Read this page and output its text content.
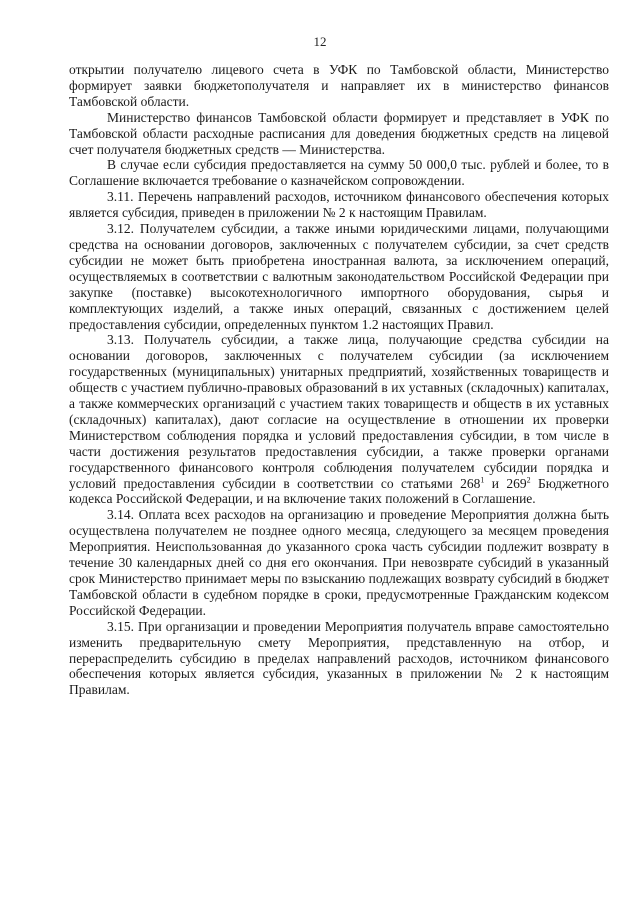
12

открытии получателю лицевого счета в УФК по Тамбовской области, Министерство формирует заявки бюджетополучателя и направляет их в министерство финансов Тамбовской области.

Министерство финансов Тамбовской области формирует и представляет в УФК по Тамбовской области расходные расписания для доведения бюджетных средств на лицевой счет получателя бюджетных средств — Министерства.

В случае если субсидия предоставляется на сумму 50 000,0 тыс. рублей и более, то в Соглашение включается требование о казначейском сопровождении.

3.11. Перечень направлений расходов, источником финансового обеспечения которых является субсидия, приведен в приложении № 2 к настоящим Правилам.

3.12. Получателем субсидии, а также иными юридическими лицами, получающими средства на основании договоров, заключенных с получателем субсидии, за счет средств субсидии не может быть приобретена иностранная валюта, за исключением операций, осуществляемых в соответствии с валютным законодательством Российской Федерации при закупке (поставке) высокотехнологичного импортного оборудования, сырья и комплектующих изделий, а также иных операций, связанных с достижением целей предоставления субсидии, определенных пунктом 1.2 настоящих Правил.

3.13. Получатель субсидии, а также лица, получающие средства субсидии на основании договоров, заключенных с получателем субсидии (за исключением государственных (муниципальных) унитарных предприятий, хозяйственных товариществ и обществ с участием публично-правовых образований в их уставных (складочных) капиталах, а также коммерческих организаций с участием таких товариществ и обществ в их уставных (складочных) капиталах), дают согласие на осуществление в отношении их проверки Министерством соблюдения порядка и условий предоставления субсидии, в том числе в части достижения результатов предоставления субсидии, а также проверки органами государственного финансового контроля соблюдения получателем субсидии порядка и условий предоставления субсидии в соответствии со статьями $268^1$ и $269^2$ Бюджетного кодекса Российской Федерации, и на включение таких положений в Соглашение.

3.14. Оплата всех расходов на организацию и проведение Мероприятия должна быть осуществлена получателем не позднее одного месяца, следующего за месяцем проведения Мероприятия. Неиспользованная до указанного срока часть субсидии подлежит возврату в течение 30 календарных дней со дня его окончания. При невозврате субсидий в указанный срок Министерство принимает меры по взысканию подлежащих возврату субсидий в бюджет Тамбовской области в судебном порядке в сроки, предусмотренные Гражданским кодексом Российской Федерации.

3.15. При организации и проведении Мероприятия получатель вправе самостоятельно изменить предварительную смету Мероприятия, представленную на отбор, и перераспределить субсидию в пределах направлений расходов, источником финансового обеспечения которых является субсидия, указанных в приложении № 2 к настоящим Правилам.
